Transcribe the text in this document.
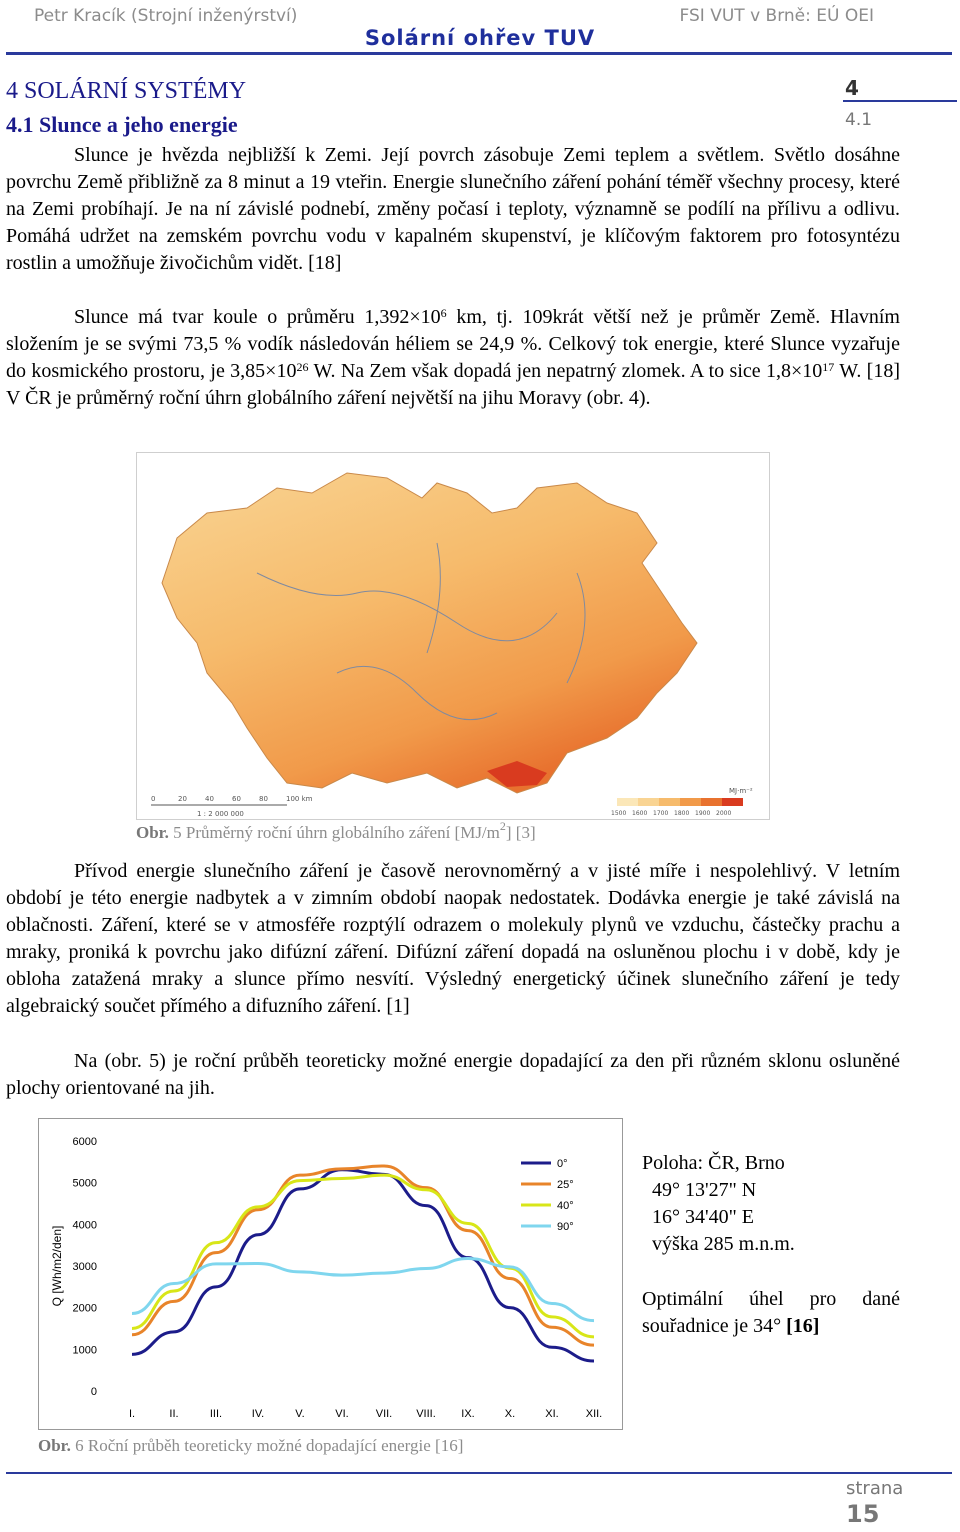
Petr Kracík (Strojní inženýrství)	FSI VUT v Brně: EÚ OEI
Solární ohřev TUV
4 SOLÁRNÍ SYSTÉMY
4.1 Slunce a jeho energie
4
4.1
Slunce je hvězda nejbližší k Zemi. Její povrch zásobuje Zemi teplem a světlem. Světlo dosáhne povrchu Země přibližně za 8 minut a 19 vteřin. Energie slunečního záření pohání téměř všechny procesy, které na Zemi probíhají. Je na ní závislé podnebí, změny počasí i teploty, významně se podílí na přílivu a odlivu. Pomáhá udržet na zemském povrchu vodu v kapalném skupenství, je klíčovým faktorem pro fotosyntézu rostlin a umožňuje živočichům vidět. [18]
Slunce má tvar koule o průměru $1,392\times 10^6$ km, tj. 109krát větší než je průměr Země. Hlavním složením je se svými 73,5 % vodík následován héliem se 24,9 %. Celkový tok energie, které Slunce vyzařuje do kosmického prostoru, je $3,85\times 10^{26}$ W. Na Zem však dopadá jen nepatrný zlomek. A to sice $1,8\times 10^{17}$ W. [18] V ČR je průměrný roční úhrn globálního záření největší na jihu Moravy (obr. 4).
0	20	40	60	80	100 km
1 : 2 000 000	1500 1600 1700 1800 1900 2000
MJ·m⁻²
Obr. 5 Průměrný roční úhrn globálního záření $[MJ/m^2]$ [3]
Přívod energie slunečního záření je časově nerovnoměrný a v jisté míře i nespolehlivý. V letním období je této energie nadbytek a v zimním období naopak nedostatek. Dodávka energie je také závislá na oblačnosti. Záření, které se v atmosféře rozptýlí odrazem o molekuly plynů ve vzduchu, částečky prachu a mraky, proniká k povrchu jako difúzní záření. Difúzní záření dopadá na osluněnou plochu i v době, kdy je obloha zatažená mraky a slunce přímo nesvítí. Výsledný energetický účinek slunečního záření je tedy algebraický součet přímého a difuzního záření. [1]
Na (obr. 5) je roční průběh teoreticky možné energie dopadající za den při různém sklonu osluněné plochy orientované na jih.
6000
5000
4000
3000
2000
1000
0
Q [Wh/m2/den]
I.	II.	III.	IV.	V.	VI. VII. VIII. IX.	X.	XI. XII.
0°
25°
40°
90°
Poloha: ČR, Brno
49° 13'27" N
16° 34'40" E
výška 285 m.n.m.
Optimální úhel pro dané souřadnice je 34° [16]
Obr. 6 Roční průběh teoreticky možné dopadající energie [16]
strana
15
